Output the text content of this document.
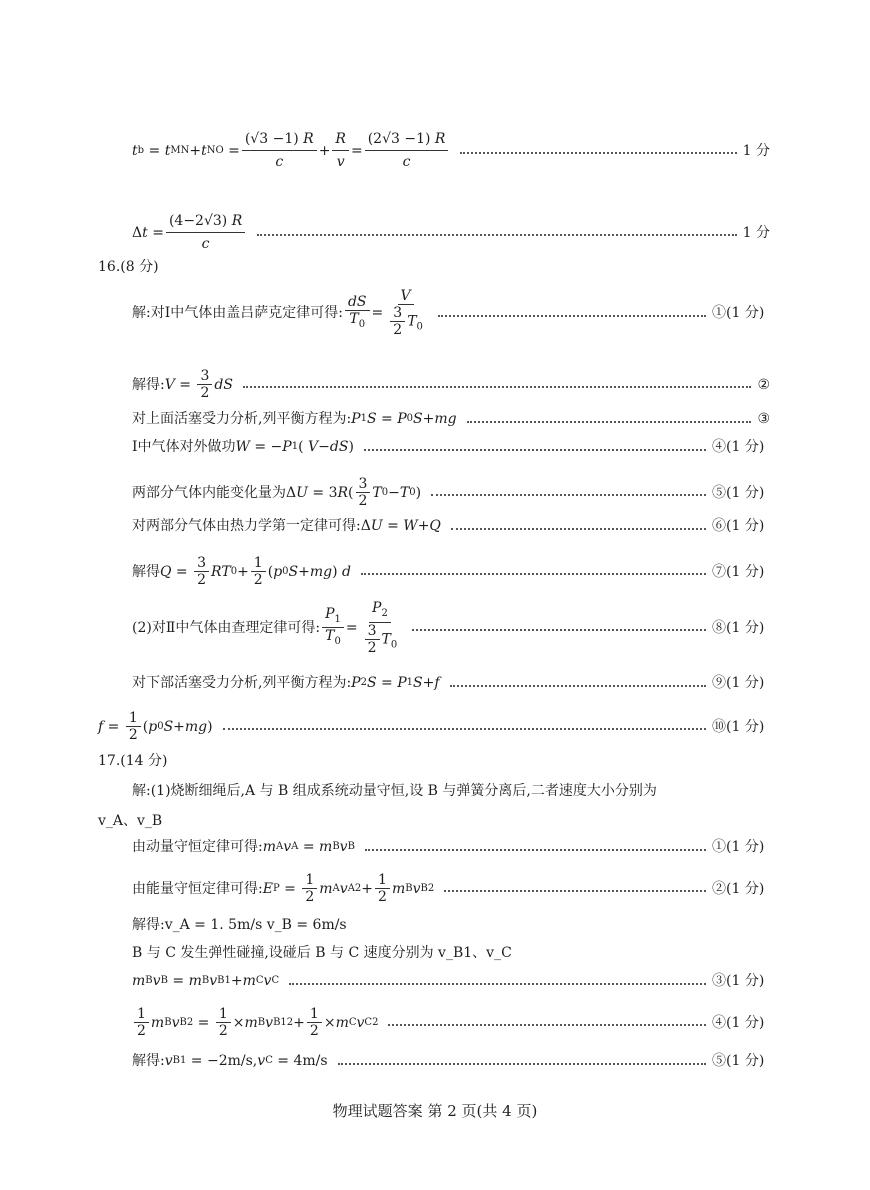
t b = t MN + t NO = $\frac{(√3 -1) R}{c} + \frac{R}{v} = \frac{(2√3 -1) R}{c}$	1 分
Δ $t = \frac{(4-2√3) R}{c}$	1 分
16.(8 分)
解:对Ⅰ中气体由盖吕萨克定律可得: $\frac{dS}{T_0} = \frac{V}{\frac{3}{2} T_0}$	①(1 分)
解得: $V = \frac{3}{2}$ dS	②
对上面活塞受力分析,列平衡方程为: P 1 S = P 0 S + mg	③
Ⅰ中气体对外做功 W = − P 1 ( V − dS )	④(1 分)
两部分气体内能变化量为 Δ U = 3 R ( $\frac{3}{2}$ T 0 − T 0 )	⑤(1 分)
对两部分气体由热力学第一定律可得: Δ U = W + Q	⑥(1 分)
解得 $Q = \frac{3}{2}$ RT $0 + \frac{1}{2}$ ( p 0 S + mg ) d	⑦(1 分)
(2)对Ⅱ中气体由查理定律可得: $\frac{P_1}{T_0} = \frac{P_2}{\frac{3}{2} T_0}$	⑧(1 分)
对下部活塞受力分析,列平衡方程为: P 2 S = P 1 S + f	⑨(1 分)
$f = \frac{1}{2}$ ( p 0 S + mg )	⑩(1 分)
17.(14 分)
解:(1)烧断细绳后,A 与 B 组成系统动量守恒,设 B 与弹簧分离后,二者速度大小分别为
v_A、v_B
由动量守恒定律可得: m A v A = m B v B	①(1 分)
由能量守恒定律可得: E $P = \frac{1}{2}$ m A v A $2 + \frac{1}{2}$ m B v B 2	②(1 分)
解得:v_A = 1. 5m/s v_B = 6m/s
B 与 C 发生弹性碰撞,设碰后 B 与 C 速度分别为 v_B1、v_C
m B v B = m B v B1 + m C v C	③(1 分)
$\frac{1}{2}$ m B v B $2 = \frac{1}{2} \times m$ B v B1 $2 + \frac{1}{2} \times m$ C v C 2	④(1 分)
解得: v B1 = −2m/s, v C = 4m/s	⑤(1 分)
物理试题答案 第 2 页(共 4 页)
